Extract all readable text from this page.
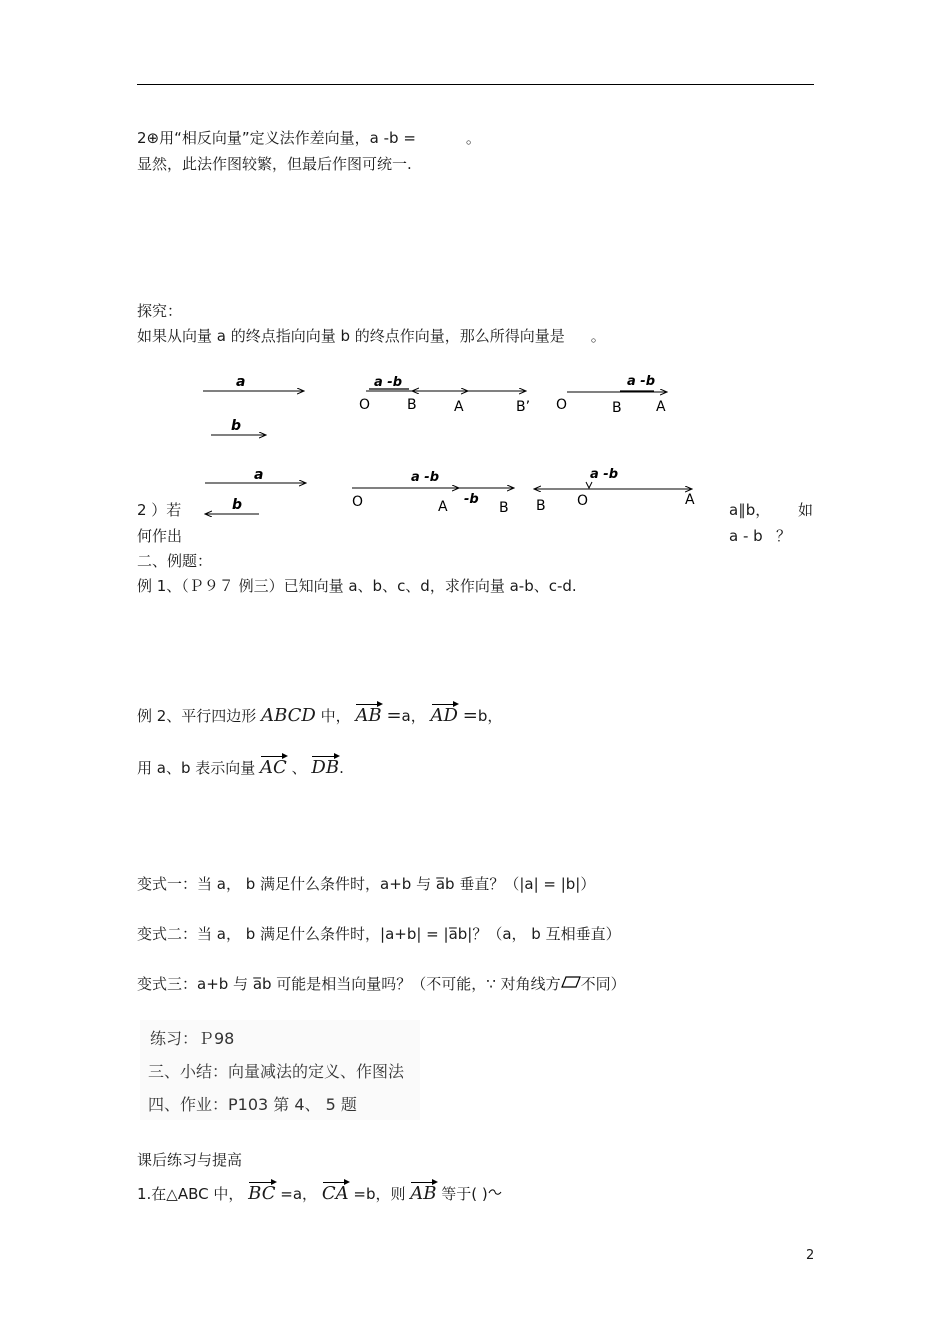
2⊕用“相反向量”定义法作差向量，a -b =	。
显然，此法作图较繁，但最后作图可统一.
探究：
如果从向量 a 的终点指向向量 b 的终点作向量，那么所得向量是 。
a
b
a -b
O	B	A	B’
a -b
O	B A
a
b
a -b
-b
O	A	B
a -b
B O	A
2 ）若
何作出
a∥b， 如
a - b ？
二、例题：
例 1、（Ｐ９７ 例三）已知向量 a、b、c、d，求作向量 a-b、c-d.
例 2、平行四边形 ABCD 中， AB =a， AD =b，
用 a、b 表示向量 AC 、 DB.
变式一：当 a， b 满足什么条件时，a+b 与 a̅b 垂直？（|a| = |b|）
变式二：当 a， b 满足什么条件时，|a+b| = |a̅b|？（a， b 互相垂直）
变式三：a+b 与 a̅b 可能是相当向量吗？（不可能，∵ 对角线方 不同）
练习：Ｐ98
三、小结：向量减法的定义、作图法
四、作业：P103 第 4、 5 题
课后练习与提高
1.在△ABC 中， BC =a， CA =b，则 AB 等于( )
2
